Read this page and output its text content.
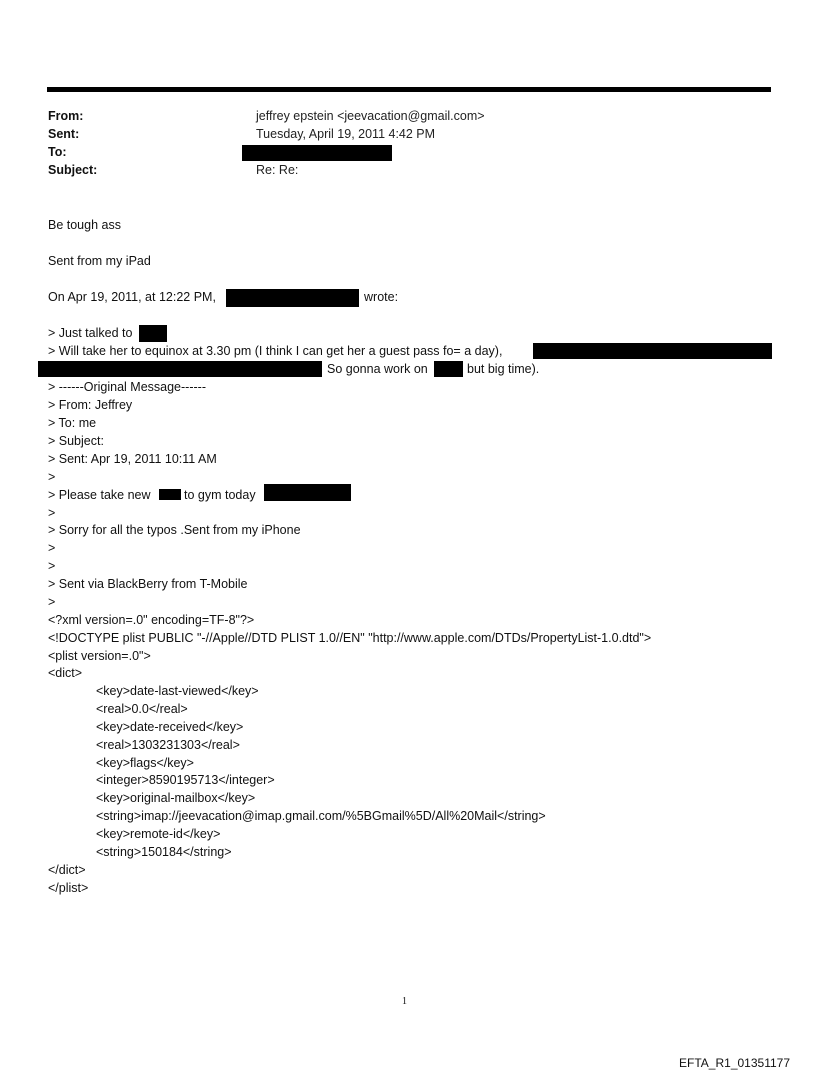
From:	jeffrey epstein <jeevacation@gmail.com>
Sent:	Tuesday, April 19, 2011 4:42 PM
To:
Subject:	Re: Re:
Be tough ass
Sent from my iPad
On Apr 19, 2011, at 12:22 PM,	wrote:
> Just talked to
> Will take her to equinox at 3.30 pm (I think I can get her a guest pass fo= a day),
So gonna work on	but big time).
> ------Original Message------
> From: Jeffrey
> To: me
> Subject:
> Sent: Apr 19, 2011 10:11 AM
>
> Please take new	to gym today
>
> Sorry for all the typos .Sent from my iPhone
>
>
> Sent via BlackBerry from T-Mobile
>
<?xml version=.0" encoding=TF-8"?>
<!DOCTYPE plist PUBLIC "-//Apple//DTD PLIST 1.0//EN" "http://www.apple.com/DTDs/PropertyList-1.0.dtd">
<plist version=.0">
<dict>
<key>date-last-viewed</key>
<real>0.0</real>
<key>date-received</key>
<real>1303231303</real>
<key>flags</key>
<integer>8590195713</integer>
<key>original-mailbox</key>
<string>imap://jeevacation@imap.gmail.com/%5BGmail%5D/All%20Mail</string>
<key>remote-id</key>
<string>150184</string>
</dict>
</plist>
1
EFTA_R1_01351177
